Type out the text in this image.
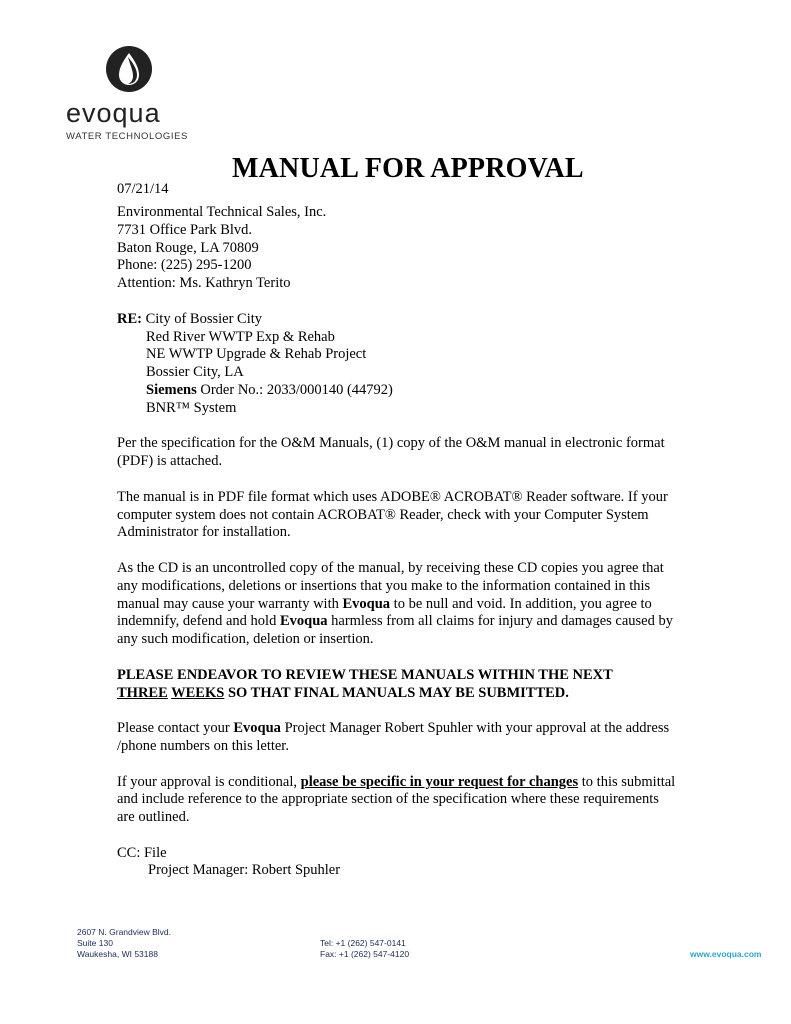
evoqua
WATER TECHNOLOGIES
MANUAL FOR APPROVAL
07/21/14

Environmental Technical Sales, Inc.
7731 Office Park Blvd.
Baton Rouge, LA 70809
Phone: (225) 295-1200
Attention: Ms. Kathryn Terito

RE: City of Bossier City
Red River WWTP Exp & Rehab
NE WWTP Upgrade & Rehab Project
Bossier City, LA
Siemens Order No.: 2033/000140 (44792)
BNR™ System

Per the specification for the O&M Manuals, (1) copy of the O&M manual in electronic format (PDF) is attached.

The manual is in PDF file format which uses ADOBE® ACROBAT® Reader software. If your computer system does not contain ACROBAT® Reader, check with your Computer System Administrator for installation.

As the CD is an uncontrolled copy of the manual, by receiving these CD copies you agree that any modifications, deletions or insertions that you make to the information contained in this manual may cause your warranty with Evoqua to be null and void. In addition, you agree to indemnify, defend and hold Evoqua harmless from all claims for injury and damages caused by any such modification, deletion or insertion.

PLEASE ENDEAVOR TO REVIEW THESE MANUALS WITHIN THE NEXT
THREE WEEKS SO THAT FINAL MANUALS MAY BE SUBMITTED.

Please contact your Evoqua Project Manager Robert Spuhler with your approval at the address /phone numbers on this letter.

If your approval is conditional, please be specific in your request for changes to this submittal and include reference to the appropriate section of the specification where these requirements are outlined.

CC: File
Project Manager: Robert Spuhler

2607 N. Grandview Blvd.
Suite 130
Waukesha, WI 53188
Tel: +1 (262) 547-0141
Fax: +1 (262) 547-4120	www.evoqua.com
